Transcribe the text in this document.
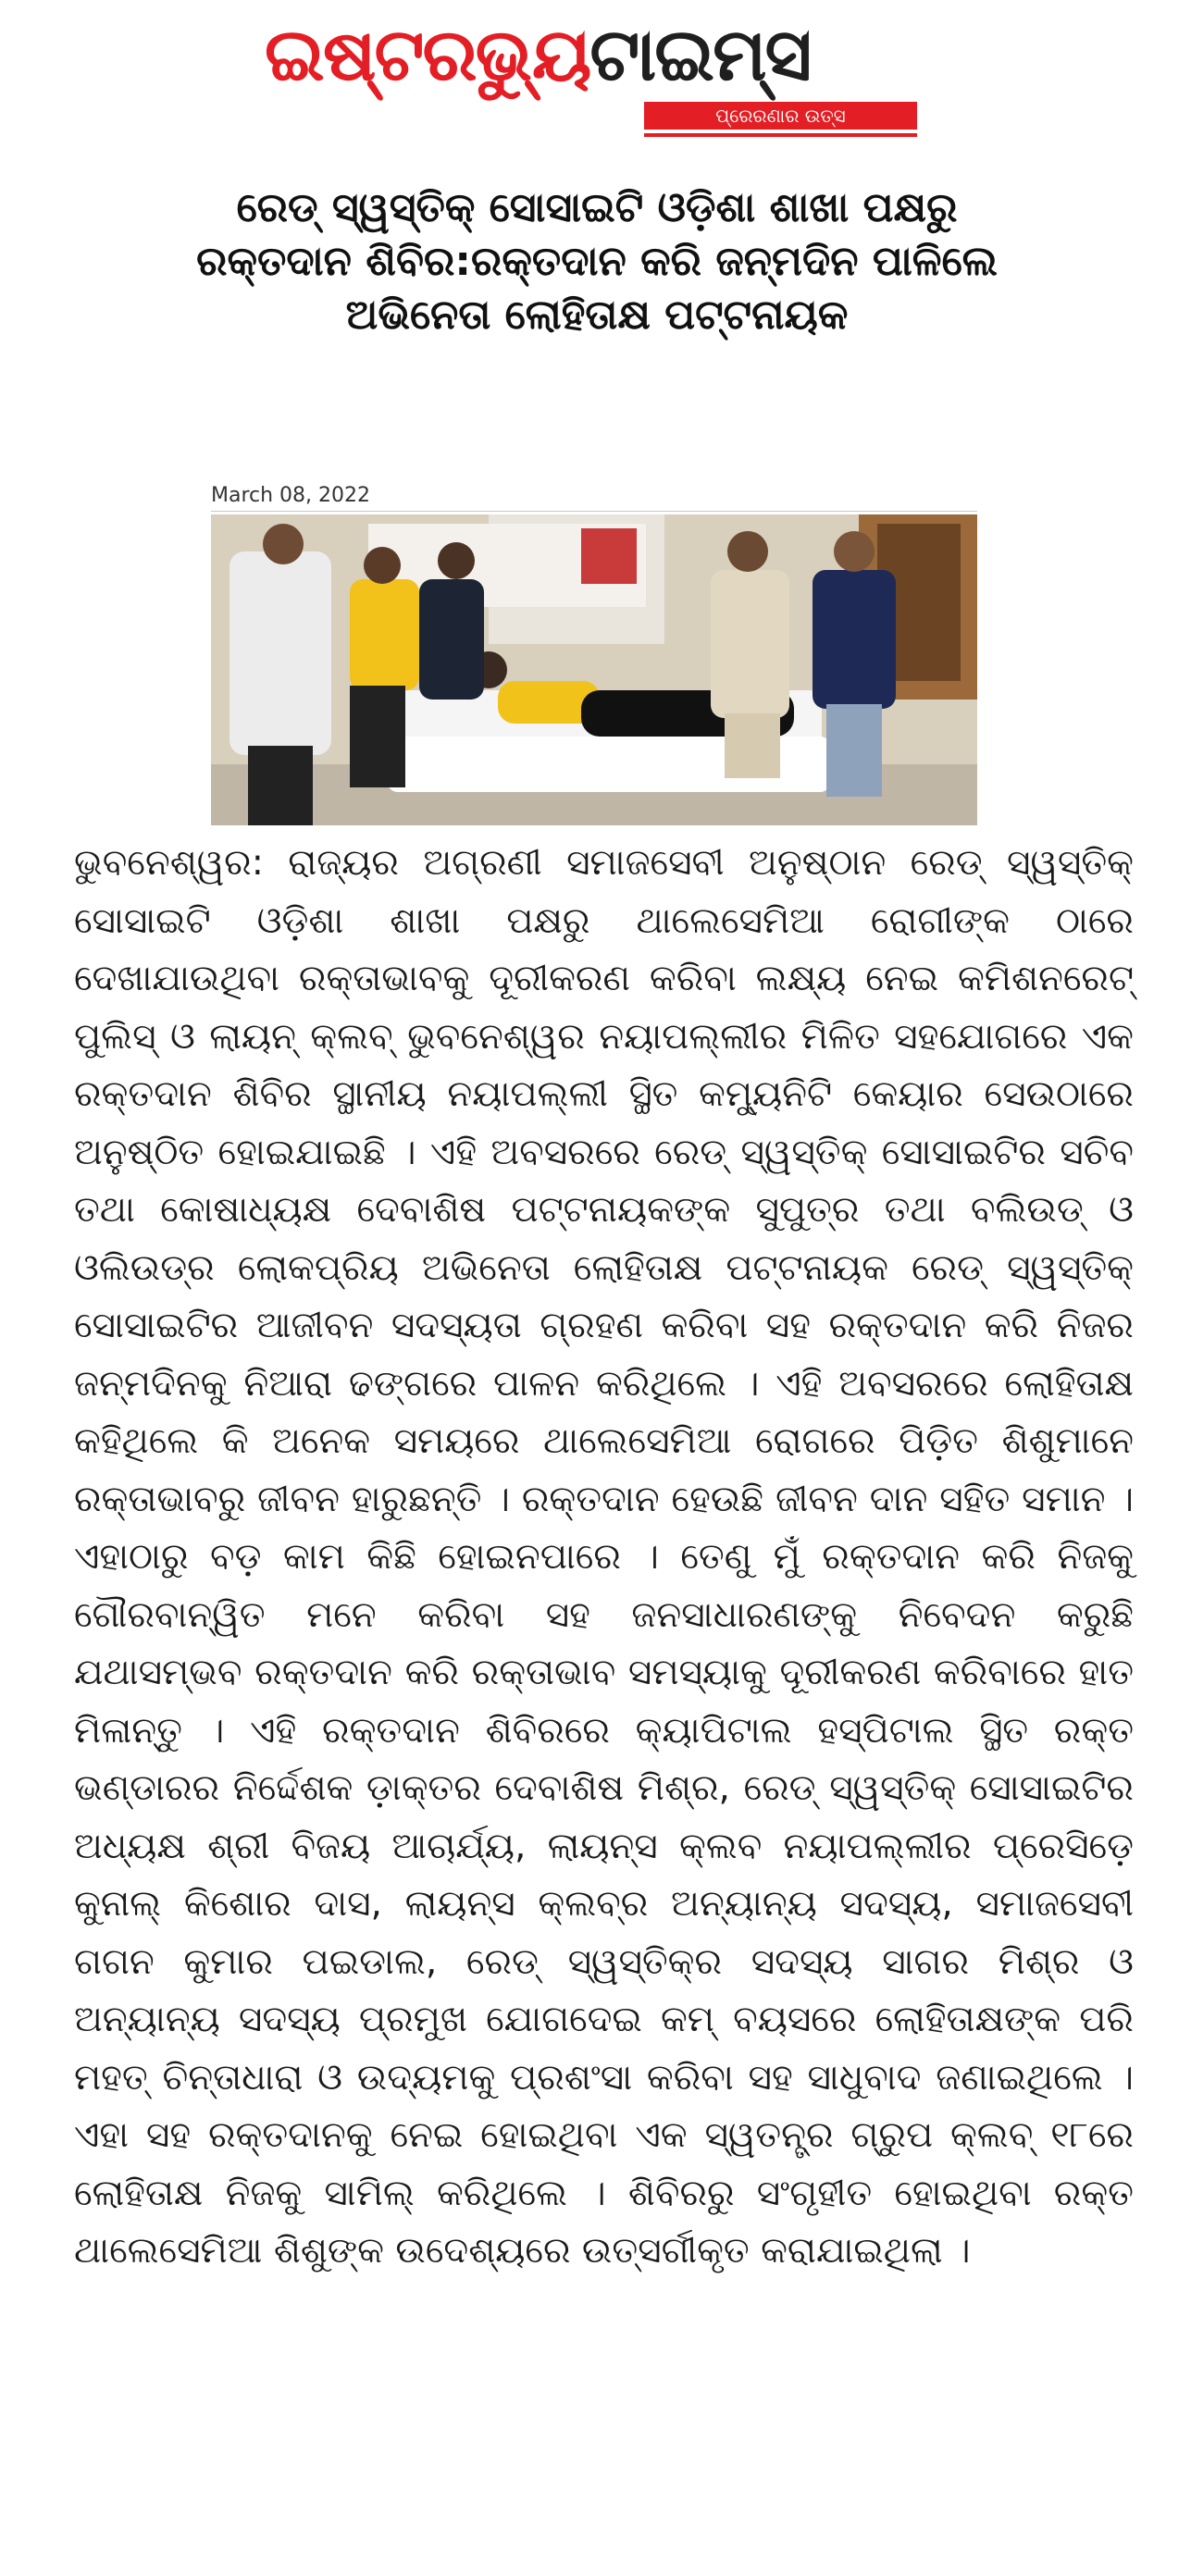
ଇଷ୍ଟରଭ୍ୟୁଟାଇମ୍ସ
ପ୍ରେରଣାର ଉତ୍ସ
ରେଡ୍ ସ୍ୱସ୍ତିକ୍ ସୋସାଇଟି ଓଡ଼ିଶା ଶାଖା ପକ୍ଷରୁ ରକ୍ତଦାନ ଶିବିର:ରକ୍ତଦାନ କରି ଜନ୍ମଦିନ ପାଳିଲେ ଅଭିନେତା ଲୋହିତାକ୍ଷ ପଟ୍ଟନାୟକ
March 08, 2022

ଭୁବନେଶ୍ୱର: ରାଜ୍ୟର ଅଗ୍ରଣୀ ସମାଜସେବୀ ଅନୁଷ୍ଠାନ ରେଡ୍ ସ୍ୱସ୍ତିକ୍ ସୋସାଇଟି ଓଡ଼ିଶା ଶାଖା ପକ୍ଷରୁ ଥାଲେସେମିଆ ରୋଗୀଙ୍କ ଠାରେ ଦେଖାଯାଉଥିବା ରକ୍ତାଭାବକୁ ଦୂରୀକରଣ କରିବା ଲକ୍ଷ୍ୟ ନେଇ କମିଶନରେଟ୍ ପୁଲିସ୍ ଓ ଲାୟନ୍ କ୍ଲବ୍ ଭୁବନେଶ୍ୱର ନୟାପଲ୍ଲୀର ମିଳିତ ସହଯୋଗରେ ଏକ ରକ୍ତଦାନ ଶିବିର ସ୍ଥାନୀୟ ନୟାପଲ୍ଲୀ ସ୍ଥିତ କମ୍ୟୁନିଟି କେୟାର ସେଉଠାରେ ଅନୁଷ୍ଠିତ ହୋଇଯାଇଛି । ଏହି ଅବସରରେ ରେଡ୍ ସ୍ୱସ୍ତିକ୍ ସୋସାଇଟିର ସଚିବ ତଥା କୋଷାଧ୍ୟକ୍ଷ ଦେବାଶିଷ ପଟ୍ଟନାୟକଙ୍କ ସୁପୁତ୍ର ତଥା ବଲିଉଡ୍ ଓ ଓଲିଉଡ୍ର ଲୋକପ୍ରିୟ ଅଭିନେତା ଲୋହିତାକ୍ଷ ପଟ୍ଟନାୟକ ରେଡ୍ ସ୍ୱସ୍ତିକ୍ ସୋସାଇଟିର ଆଜୀବନ ସଦସ୍ୟତା ଗ୍ରହଣ କରିବା ସହ ରକ୍ତଦାନ କରି ନିଜର ଜନ୍ମଦିନକୁ ନିଆରା ଢଙ୍ଗରେ ପାଳନ କରିଥିଲେ । ଏହି ଅବସରରେ ଲୋହିତାକ୍ଷ କହିଥିଲେ କି ଅନେକ ସମୟରେ ଥାଲେସେମିଆ ରୋଗରେ ପିଡ଼ିତ ଶିଶୁମାନେ ରକ୍ତାଭାବରୁ ଜୀବନ ହାରୁଛନ୍ତି । ରକ୍ତଦାନ ହେଉଛି ଜୀବନ ଦାନ ସହିତ ସମାନ । ଏହାଠାରୁ ବଡ଼ କାମ କିଛି ହୋଇନପାରେ । ତେଣୁ ମୁଁ ରକ୍ତଦାନ କରି ନିଜକୁ ଗୌରବାନ୍ୱିତ ମନେ କରିବା ସହ ଜନସାଧାରଣଙ୍କୁ ନିବେଦନ କରୁଛି ଯଥାସମ୍ଭବ ରକ୍ତଦାନ କରି ରକ୍ତାଭାବ ସମସ୍ୟାକୁ ଦୂରୀକରଣ କରିବାରେ ହାତ ମିଳାନ୍ତୁ । ଏହି ରକ୍ତଦାନ ଶିବିରରେ କ୍ୟାପିଟାଲ ହସ୍ପିଟାଲ ସ୍ଥିତ ରକ୍ତ ଭଣ୍ଡାରର ନିର୍ଦ୍ଦେଶକ ଡ଼ାକ୍ତର ଦେବାଶିଷ ମିଶ୍ର, ରେଡ୍ ସ୍ୱସ୍ତିକ୍ ସୋସାଇଟିର ଅଧ୍ୟକ୍ଷ ଶ୍ରୀ ବିଜୟ ଆଚାର୍ଯ୍ୟ, ଲାୟନ୍ସ କ୍ଲବ ନୟାପଲ୍ଲୀର ପ୍ରେସିଡ଼େ କୁନାଲ୍ କିଶୋର ଦାସ, ଲାୟନ୍ସ କ୍ଲବ୍ର ଅନ୍ୟାନ୍ୟ ସଦସ୍ୟ, ସମାଜସେବୀ ଗଗନ କୁମାର ପଇଡାଲ, ରେଡ୍ ସ୍ୱସ୍ତିକ୍ର ସଦସ୍ୟ ସାଗର ମିଶ୍ର ଓ ଅନ୍ୟାନ୍ୟ ସଦସ୍ୟ ପ୍ରମୁଖ ଯୋଗଦେଇ କମ୍ ବୟସରେ ଲୋହିତାକ୍ଷଙ୍କ ପରି ମହତ୍ ଚିନ୍ତାଧାରା ଓ ଉଦ୍ୟମକୁ ପ୍ରଶଂସା କରିବା ସହ ସାଧୁବାଦ ଜଣାଇଥିଲେ । ଏହା ସହ ରକ୍ତଦାନକୁ ନେଇ ହୋଇଥିବା ଏକ ସ୍ୱତନ୍ତ୍ର ଗ୍ରୁପ କ୍ଲବ୍ ୧୮ରେ ଲୋହିତାକ୍ଷ ନିଜକୁ ସାମିଲ୍ କରିଥିଲେ । ଶିବିରରୁ ସଂଗୃହୀତ ହୋଇଥିବା ରକ୍ତ ଥାଲେସେମିଆ ଶିଶୁଙ୍କ ଉଦେଶ୍ୟରେ ଉତ୍ସର୍ଗୀକୃତ କରାଯାଇଥିଲା ।
